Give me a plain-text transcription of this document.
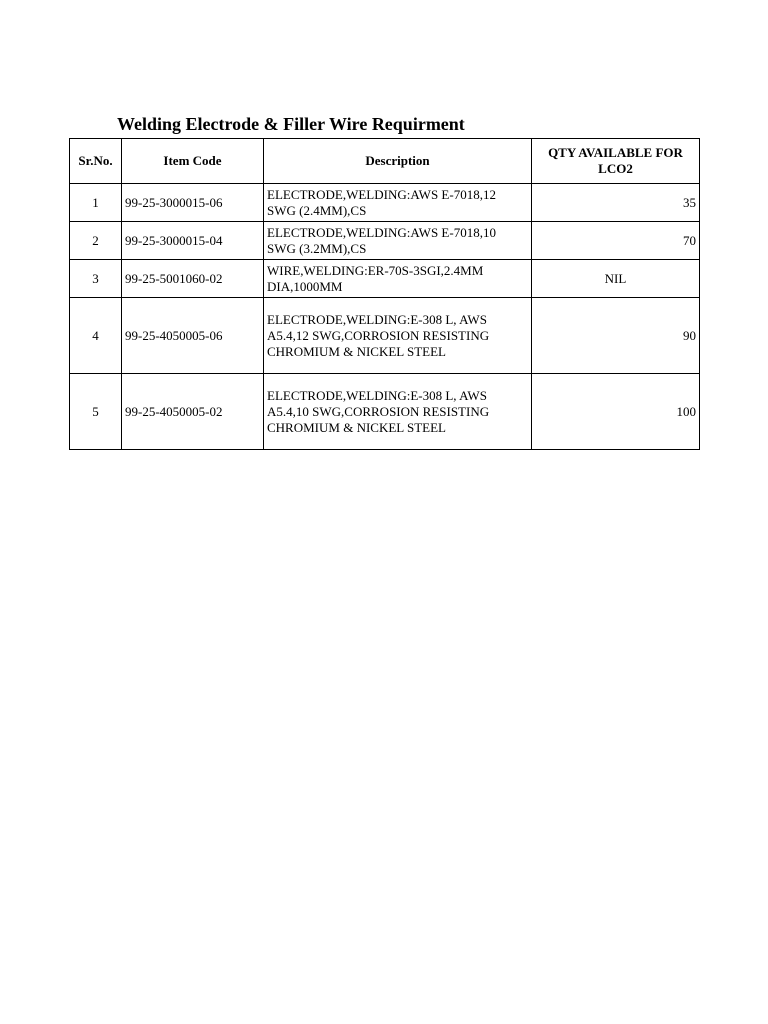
Welding Electrode & Filler Wire Requirment
Sr.No.	Item Code	Description	QTY AVAILABLE FOR LCO2
1	99-25-3000015-06	ELECTRODE,WELDING:AWS E-7018,12 SWG (2.4MM),CS	35
2	99-25-3000015-04	ELECTRODE,WELDING:AWS E-7018,10 SWG (3.2MM),CS	70
3	99-25-5001060-02	WIRE,WELDING:ER-70S-3SGI,2.4MM DIA,1000MM	NIL
4	99-25-4050005-06	ELECTRODE,WELDING:E-308 L, AWS A5.4,12 SWG,CORROSION RESISTING CHROMIUM & NICKEL STEEL	90
5	99-25-4050005-02	ELECTRODE,WELDING:E-308 L, AWS A5.4,10 SWG,CORROSION RESISTING CHROMIUM & NICKEL STEEL	100
